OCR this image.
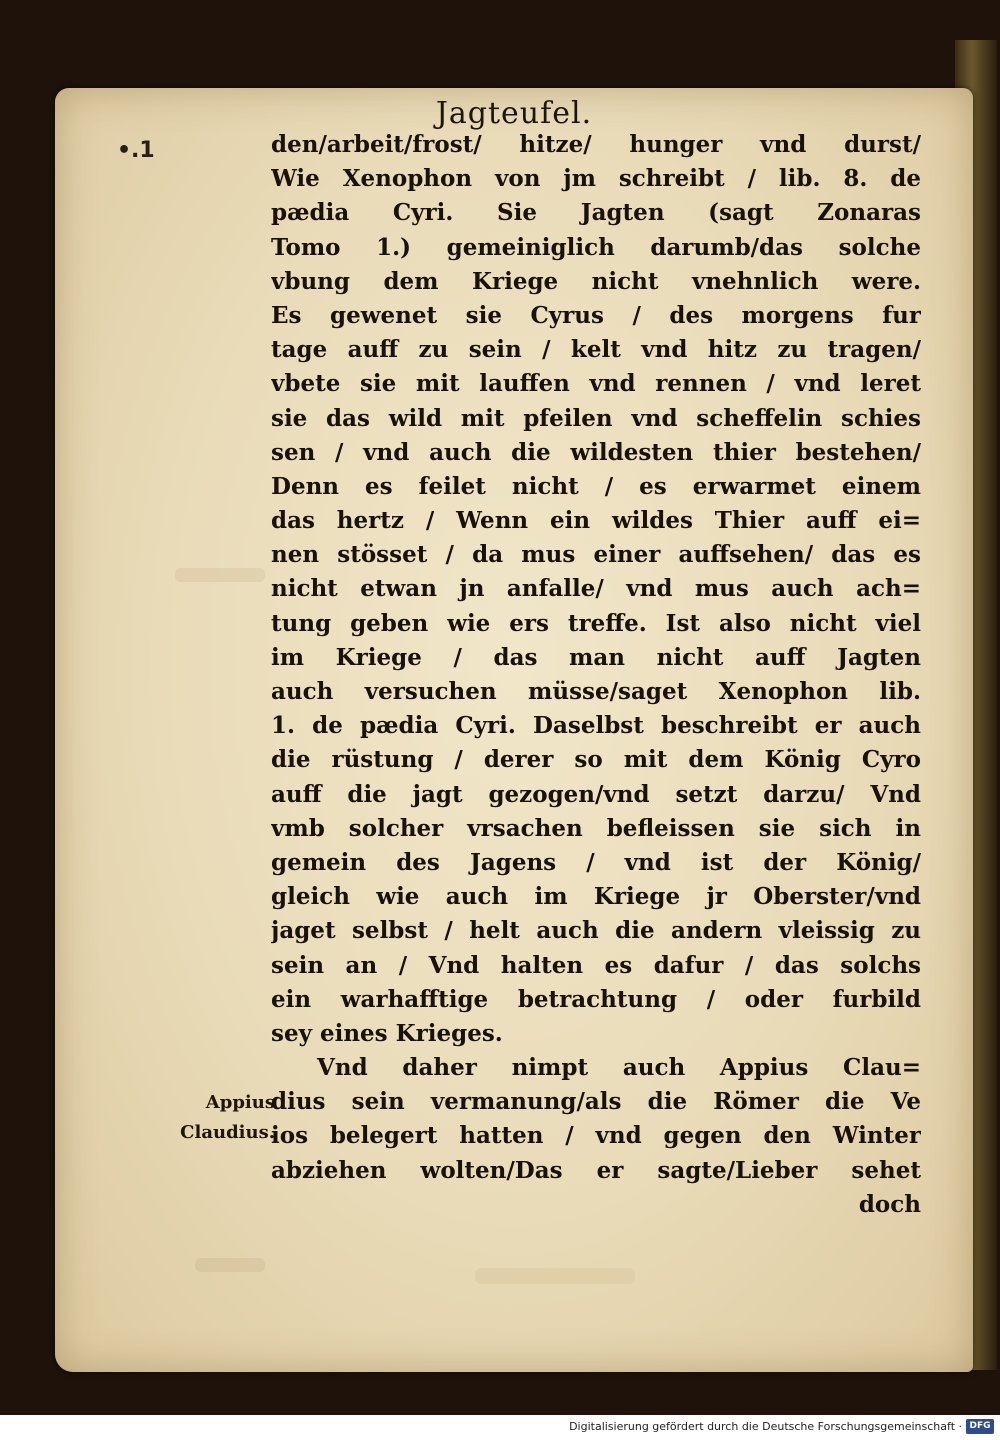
Jagteufel.
•.1	den/arbeit/frost/ hitze/ hunger vnd durst/
Wie Xenophon von jm schreibt / lib. 8. de
pædia Cyri. Sie Jagten (sagt Zonaras
Tomo 1.) gemeiniglich darumb/das solche
vbung dem Kriege nicht vnehnlich were.
Es gewenet sie Cyrus / des morgens fur
tage auff zu sein / kelt vnd hitz zu tragen/
vbete sie mit lauffen vnd rennen / vnd leret
sie das wild mit pfeilen vnd scheffelin schies
sen / vnd auch die wildesten thier bestehen/
Denn es feilet nicht / es erwarmet einem
das hertz / Wenn ein wildes Thier auff ei=
nen stösset / da mus einer auffsehen/ das es
nicht etwan jn anfalle/ vnd mus auch ach=
tung geben wie ers treffe. Ist also nicht viel
im Kriege / das man nicht auff Jagten
auch versuchen müsse/saget Xenophon lib.
1. de pædia Cyri. Daselbst beschreibt er auch
die rüstung / derer so mit dem König Cyro
auff die jagt gezogen/vnd setzt darzu/ Vnd
vmb solcher vrsachen befleissen sie sich in
gemein des Jagens / vnd ist der König/
gleich wie auch im Kriege jr Oberster/vnd
jaget selbst / helt auch die andern vleissig zu
sein an / Vnd halten es dafur / das solchs
ein warhafftige betrachtung / oder furbild
sey eines Krieges.
Vnd daher nimpt auch Appius Clau=
dius sein vermanung/als die Römer die Ve
ios belegert hatten / vnd gegen den Winter
abziehen wolten/Das er sagte/Lieber sehet
doch
Appius
Claudius.
Digitalisierung gefördert durch die Deutsche Forschungsgemeinschaft · DFG
